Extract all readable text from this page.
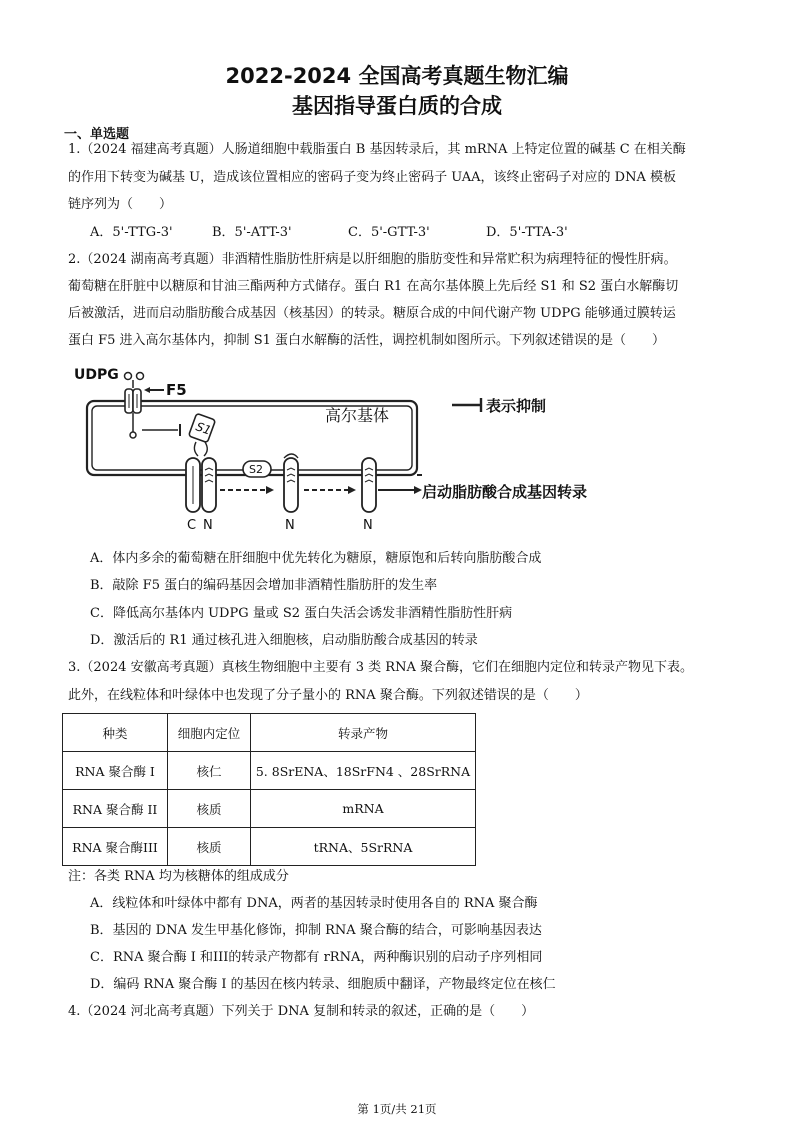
2022-2024 全国高考真题生物汇编
基因指导蛋白质的合成
一、单选题
1.（2024 福建高考真题）人肠道细胞中载脂蛋白 B 基因转录后，其 mRNA 上特定位置的碱基 C 在相关酶
的作用下转变为碱基 U，造成该位置相应的密码子变为终止密码子 UAA，该终止密码子对应的 DNA 模板
链序列为（　　）
A．5'-TTG-3'	B．5'-ATT-3'	C．5'-GTT-3'	D．5'-TTA-3'
2.（2024 湖南高考真题）非酒精性脂肪性肝病是以肝细胞的脂肪变性和异常贮积为病理特征的慢性肝病。
葡萄糖在肝脏中以糖原和甘油三酯两种方式储存。蛋白 R1 在高尔基体膜上先后经 S1 和 S2 蛋白水解酶切
后被激活，进而启动脂肪酸合成基因（核基因）的转录。糖原合成的中间代谢产物 UDPG 能够通过膜转运
蛋白 F5 进入高尔基体内，抑制 S1 蛋白水解酶的活性，调控机制如图所示。下列叙述错误的是（　　）
UDPG
F5
高尔基体	表示抑制
S1
C N
S2
N	N
启动脂肪酸合成基因转录
A．体内多余的葡萄糖在肝细胞中优先转化为糖原，糖原饱和后转向脂肪酸合成
B．敲除 F5 蛋白的编码基因会增加非酒精性脂肪肝的发生率
C．降低高尔基体内 UDPG 量或 S2 蛋白失活会诱发非酒精性脂肪性肝病
D．激活后的 R1 通过核孔进入细胞核，启动脂肪酸合成基因的转录
3.（2024 安徽高考真题）真核生物细胞中主要有 3 类 RNA 聚合酶，它们在细胞内定位和转录产物见下表。
此外，在线粒体和叶绿体中也发现了分子量小的 RNA 聚合酶。下列叙述错误的是（　　）
种类	细胞内定位	转录产物
RNA 聚合酶 I	核仁	5. 8SrENA、18SrFN4 、28SrRNA
RNA 聚合酶 II	核质	mRNA
RNA 聚合酶III	核质	tRNA、5SrRNA
注：各类 RNA 均为核糖体的组成成分
A．线粒体和叶绿体中都有 DNA，两者的基因转录时使用各自的 RNA 聚合酶
B．基因的 DNA 发生甲基化修饰，抑制 RNA 聚合酶的结合，可影响基因表达
C．RNA 聚合酶 I 和III的转录产物都有 rRNA，两种酶识别的启动子序列相同
D．编码 RNA 聚合酶 I 的基因在核内转录、细胞质中翻译，产物最终定位在核仁
4.（2024 河北高考真题）下列关于 DNA 复制和转录的叙述，正确的是（　　）
第 1页/共 21页
